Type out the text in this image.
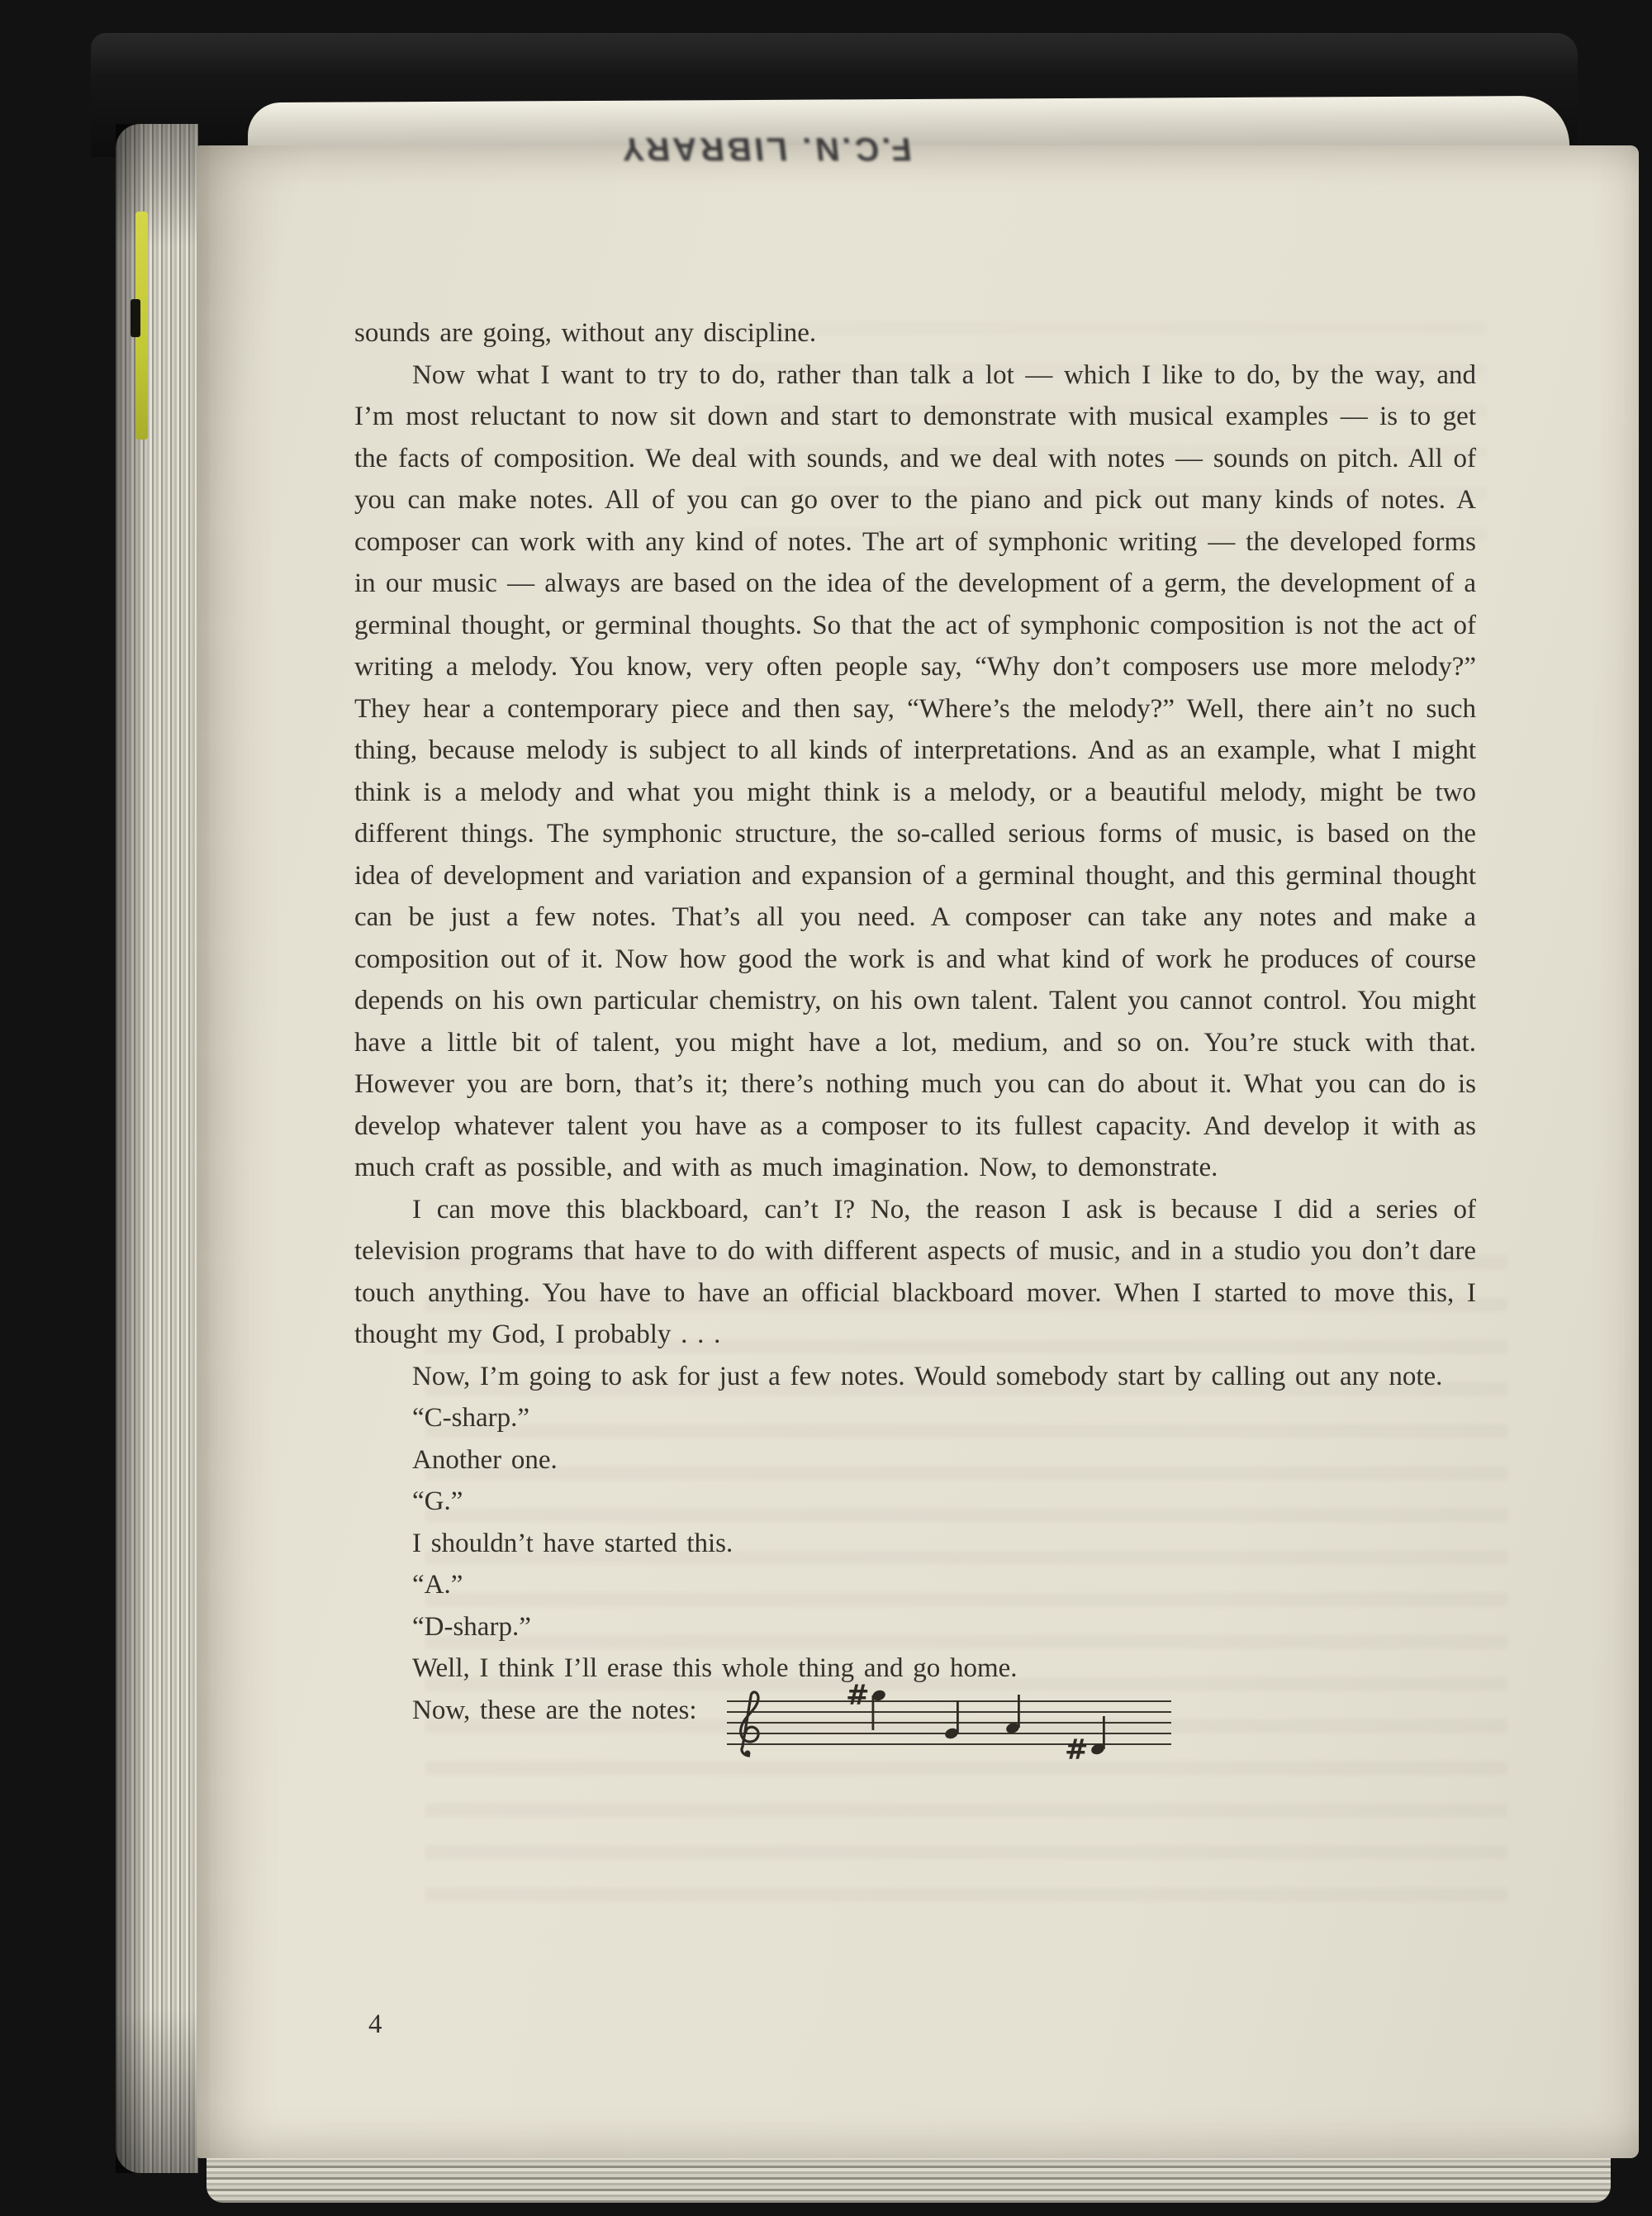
F.C.N. LIBRARY

sounds are going, without any discipline.

Now what I want to try to do, rather than talk a lot — which I like to do, by the way, and I’m most reluctant to now sit down and start to demonstrate with musical examples — is to get the facts of composition. We deal with sounds, and we deal with notes — sounds on pitch. All of you can make notes. All of you can go over to the piano and pick out many kinds of notes. A composer can work with any kind of notes. The art of symphonic writing — the developed forms in our music — always are based on the idea of the development of a germ, the development of a germinal thought, or germinal thoughts. So that the act of symphonic composition is not the act of writing a melody. You know, very often people say, “Why don’t composers use more melody?” They hear a contemporary piece and then say, “Where’s the melody?” Well, there ain’t no such thing, because melody is subject to all kinds of interpretations. And as an example, what I might think is a melody and what you might think is a melody, or a beautiful melody, might be two different things. The symphonic structure, the so-called serious forms of music, is based on the idea of development and variation and expansion of a germinal thought, and this germinal thought can be just a few notes. That’s all you need. A composer can take any notes and make a composition out of it. Now how good the work is and what kind of work he produces of course depends on his own particular chemistry, on his own talent. Talent you cannot control. You might have a little bit of talent, you might have a lot, medium, and so on. You’re stuck with that. However you are born, that’s it; there’s nothing much you can do about it. What you can do is develop whatever talent you have as a composer to its fullest capacity. And develop it with as much craft as possible, and with as much imagination. Now, to demonstrate.

I can move this blackboard, can’t I? No, the reason I ask is because I did a series of television programs that have to do with different aspects of music, and in a studio you don’t dare touch anything. You have to have an official blackboard mover. When I started to move this, I thought my God, I probably . . .

Now, I’m going to ask for just a few notes. Would somebody start by calling out any note.

“C-sharp.”

Another one.

“G.”

I shouldn’t have started this.

“A.”

“D-sharp.”

Well, I think I’ll erase this whole thing and go home.

Now, these are the notes:	#
#
4
